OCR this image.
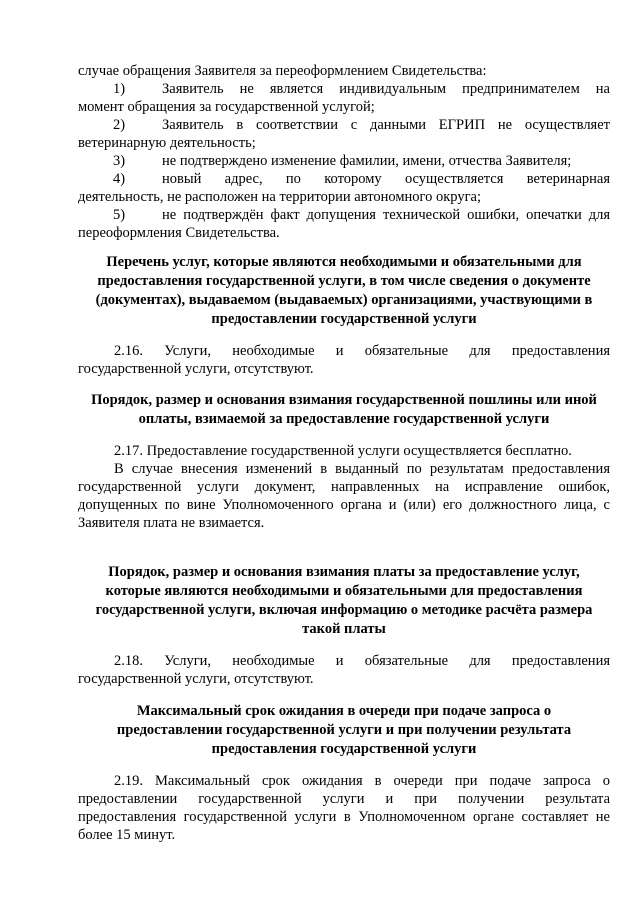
случае обращения Заявителя за переоформлением Свидетельства:
1)	Заявитель не является индивидуальным предпринимателем на
момент обращения за государственной услугой;
2)	Заявитель в соответствии с данными ЕГРИП не осуществляет
ветеринарную деятельность;
3)	не подтверждено изменение фамилии, имени, отчества Заявителя;
4)	новый адрес, по которому осуществляется ветеринарная
деятельность, не расположен на территории автономного округа;
5)	не подтверждён факт допущения технической ошибки, опечатки для
переоформления Свидетельства.
Перечень услуг, которые являются необходимыми и обязательными для
предоставления государственной услуги, в том числе сведения о документе
(документах), выдаваемом (выдаваемых) организациями, участвующими в
предоставлении государственной услуги
2.16. Услуги, необходимые и обязательные для предоставления
государственной услуги, отсутствуют.
Порядок, размер и основания взимания государственной пошлины или иной
оплаты, взимаемой за предоставление государственной услуги
2.17. Предоставление государственной услуги осуществляется бесплатно.
В случае внесения изменений в выданный по результатам предоставления
государственной услуги документ, направленных на исправление ошибок,
допущенных по вине Уполномоченного органа и (или) его должностного лица, с
Заявителя плата не взимается.
Порядок, размер и основания взимания платы за предоставление услуг,
которые являются необходимыми и обязательными для предоставления
государственной услуги, включая информацию о методике расчёта размера
такой платы
2.18. Услуги, необходимые и обязательные для предоставления
государственной услуги, отсутствуют.
Максимальный срок ожидания в очереди при подаче запроса о
предоставлении государственной услуги и при получении результата
предоставления государственной услуги
2.19. Максимальный срок ожидания в очереди при подаче запроса о
предоставлении государственной услуги и при получении результата
предоставления государственной услуги в Уполномоченном органе составляет не
более 15 минут.
